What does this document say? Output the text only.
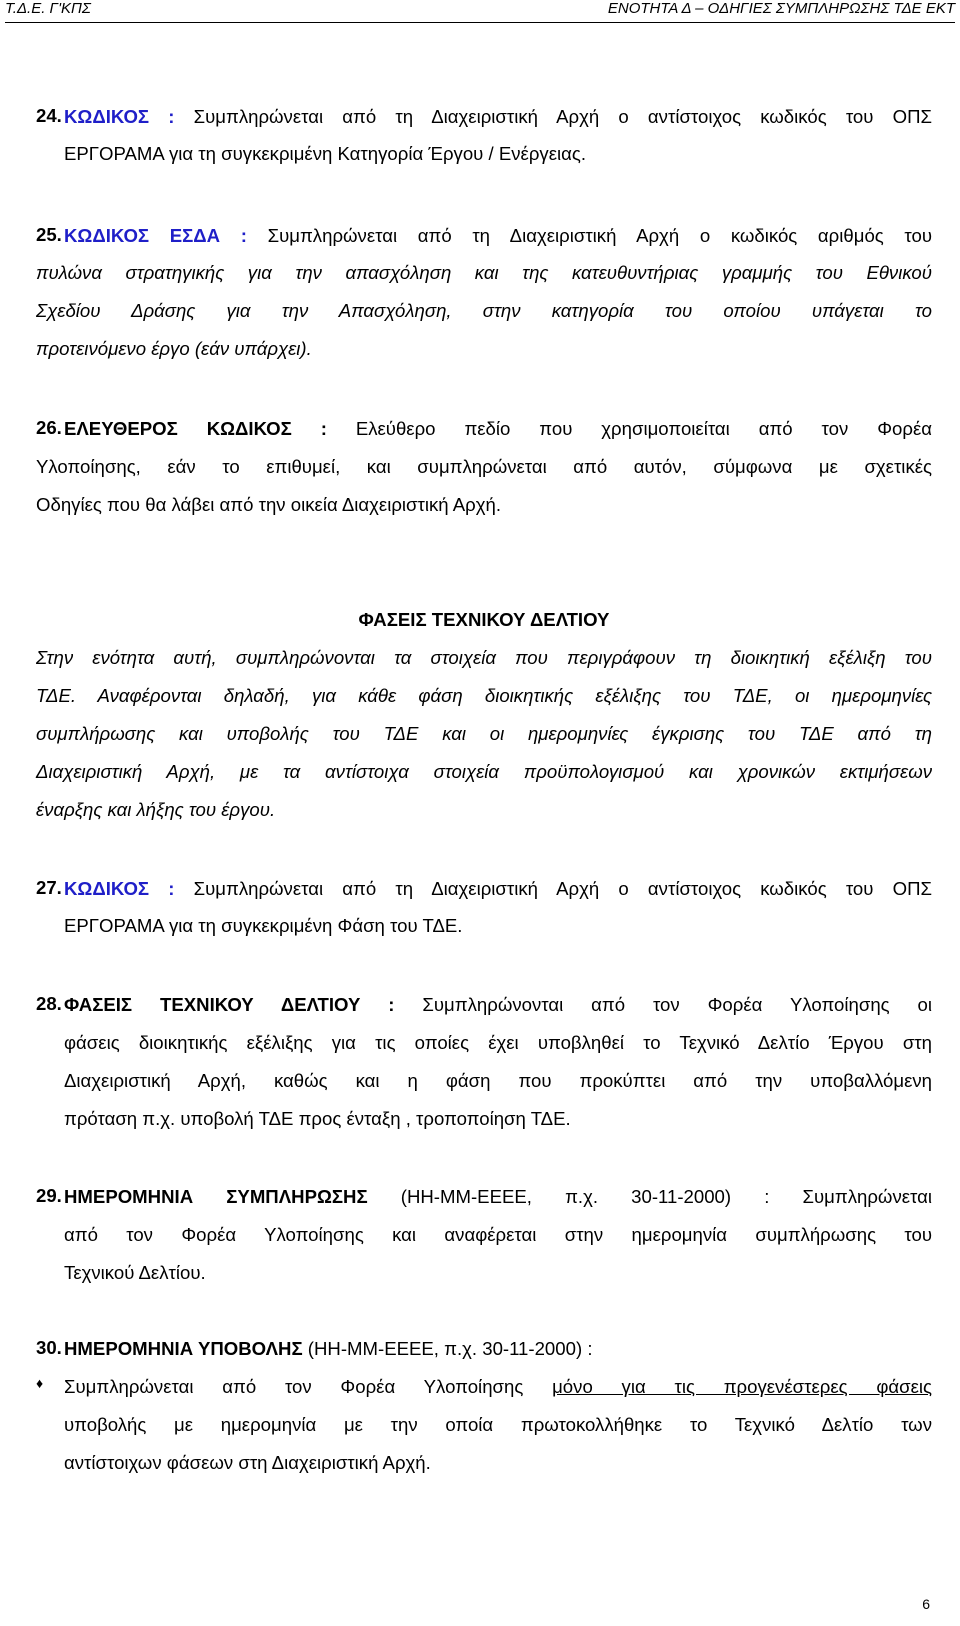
Τ.Δ.Ε. Γ'ΚΠΣ	ΕΝΟΤΗΤΑ Δ – ΟΔΗΓΙΕΣ ΣΥΜΠΛΗΡΩΣΗΣ ΤΔΕ ΕΚΤ
24. ΚΩΔΙΚΟΣ : Συμπληρώνεται από τη Διαχειριστική Αρχή ο αντίστοιχος κωδικός του ΟΠΣ
ΕΡΓΟΡΑΜΑ για τη συγκεκριμένη Κατηγορία Έργου / Ενέργειας.
25. ΚΩΔΙΚΟΣ ΕΣΔΑ : Συμπληρώνεται από τη Διαχειριστική Αρχή ο κωδικός αριθμός του
πυλώνα στρατηγικής για την απασχόληση και της κατευθυντήριας γραμμής του Εθνικού
Σχεδίου Δράσης για την Απασχόληση, στην κατηγορία του οποίου υπάγεται το
προτεινόμενο έργο (εάν υπάρχει).
26. ΕΛΕΥΘΕΡΟΣ ΚΩΔΙΚΟΣ : Ελεύθερο πεδίο που χρησιμοποιείται από τον Φορέα
Υλοποίησης, εάν το επιθυμεί, και συμπληρώνεται από αυτόν, σύμφωνα με σχετικές
Οδηγίες που θα λάβει από την οικεία Διαχειριστική Αρχή.
ΦΑΣΕΙΣ ΤΕΧΝΙΚΟΥ ΔΕΛΤΙΟΥ
Στην ενότητα αυτή, συμπληρώνονται τα στοιχεία που περιγράφουν τη διοικητική εξέλιξη του
ΤΔΕ. Αναφέρονται δηλαδή, για κάθε φάση διοικητικής εξέλιξης του ΤΔΕ, οι ημερομηνίες
συμπλήρωσης και υποβολής του ΤΔΕ και οι ημερομηνίες έγκρισης του ΤΔΕ από τη
Διαχειριστική Αρχή, με τα αντίστοιχα στοιχεία προϋπολογισμού και χρονικών εκτιμήσεων
έναρξης και λήξης του έργου.
27. ΚΩΔΙΚΟΣ : Συμπληρώνεται από τη Διαχειριστική Αρχή ο αντίστοιχος κωδικός του ΟΠΣ
ΕΡΓΟΡΑΜΑ για τη συγκεκριμένη Φάση του ΤΔΕ.
28. ΦΑΣΕΙΣ ΤΕΧΝΙΚΟΥ ΔΕΛΤΙΟΥ : Συμπληρώνονται από τον Φορέα Υλοποίησης οι
φάσεις διοικητικής εξέλιξης για τις οποίες έχει υποβληθεί το Τεχνικό Δελτίο Έργου στη
Διαχειριστική Αρχή, καθώς και η φάση που προκύπτει από την υποβαλλόμενη
πρόταση π.χ. υποβολή ΤΔΕ προς ένταξη , τροποποίηση ΤΔΕ.
29. ΗΜΕΡΟΜΗΝΙΑ ΣΥΜΠΛΗΡΩΣΗΣ (ΗΗ-ΜΜ-ΕΕΕΕ, π.χ. 30-11-2000) : Συμπληρώνεται
από τον Φορέα Υλοποίησης και αναφέρεται στην ημερομηνία συμπλήρωσης του
Τεχνικού Δελτίου.
30. ΗΜΕΡΟΜΗΝΙΑ ΥΠΟΒΟΛΗΣ (ΗΗ-ΜΜ-ΕΕΕΕ, π.χ. 30-11-2000) :
♦ Συμπληρώνεται από τον Φορέα Υλοποίησης μόνο για τις προγενέστερες φάσεις
υποβολής με ημερομηνία με την οποία πρωτοκολλήθηκε το Τεχνικό Δελτίο των
αντίστοιχων φάσεων στη Διαχειριστική Αρχή.
6
